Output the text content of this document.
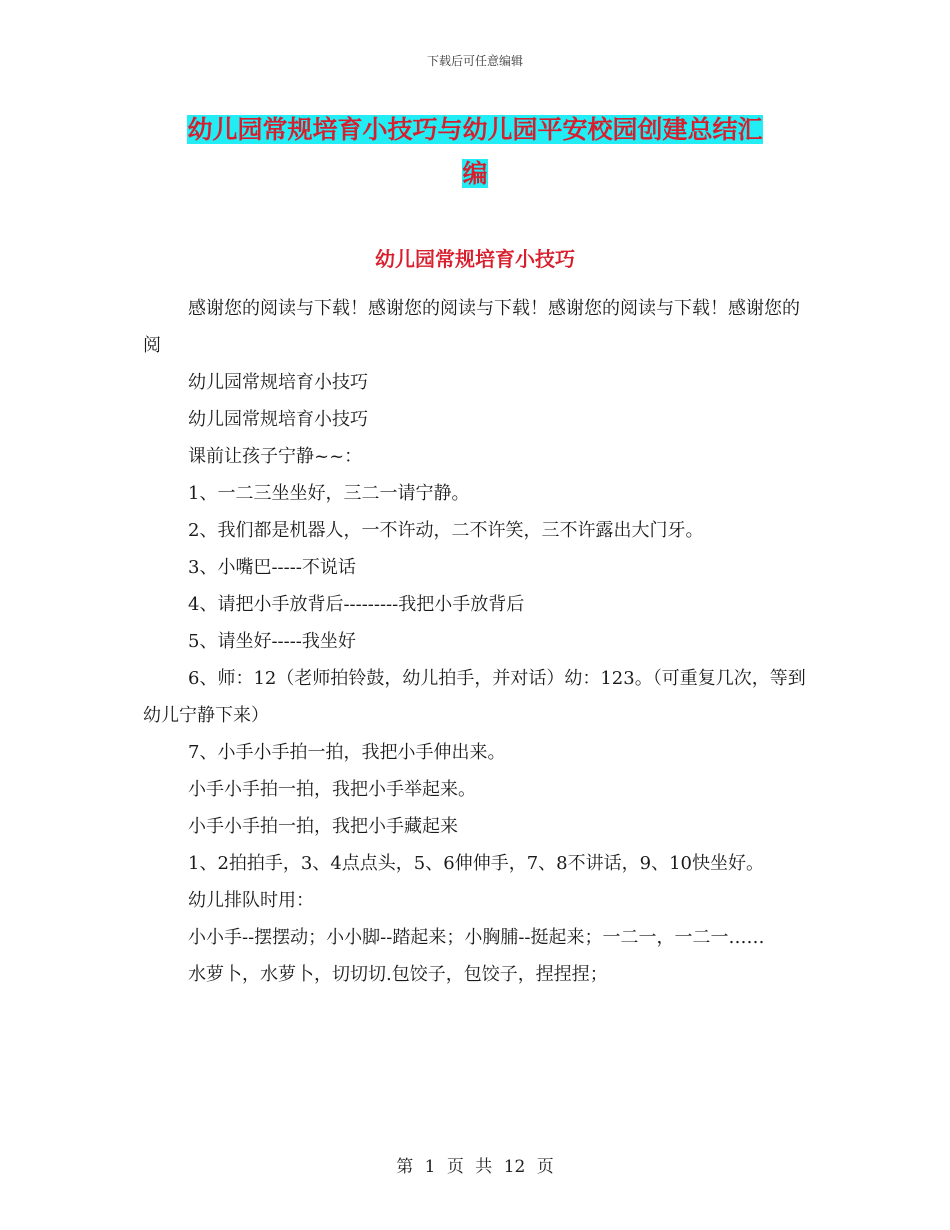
下载后可任意编辑
幼儿园常规培育小技巧与幼儿园平安校园创建总结汇
编
幼儿园常规培育小技巧

感谢您的阅读与下载！感谢您的阅读与下载！感谢您的阅读与下载！感谢您的阅

幼儿园常规培育小技巧

幼儿园常规培育小技巧

课前让孩子宁静~~：

1、一二三坐坐好，三二一请宁静。

2、我们都是机器人，一不许动，二不许笑，三不许露出大门牙。

3、小嘴巴-----不说话

4、请把小手放背后---------我把小手放背后

5、请坐好-----我坐好

6、师：12（老师拍铃鼓，幼儿拍手，并对话）幼：123。（可重复几次，等到幼儿宁静下来）

7、小手小手拍一拍，我把小手伸出来。

小手小手拍一拍，我把小手举起来。

小手小手拍一拍，我把小手藏起来

1、2拍拍手，3、4点点头，5、6伸伸手，7、8不讲话，9、10快坐好。

幼儿排队时用：

小小手--摆摆动；小小脚--踏起来；小胸脯--挺起来；一二一，一二一……

水萝卜，水萝卜，切切切.包饺子，包饺子，捏捏捏；

第 1 页 共 12 页
